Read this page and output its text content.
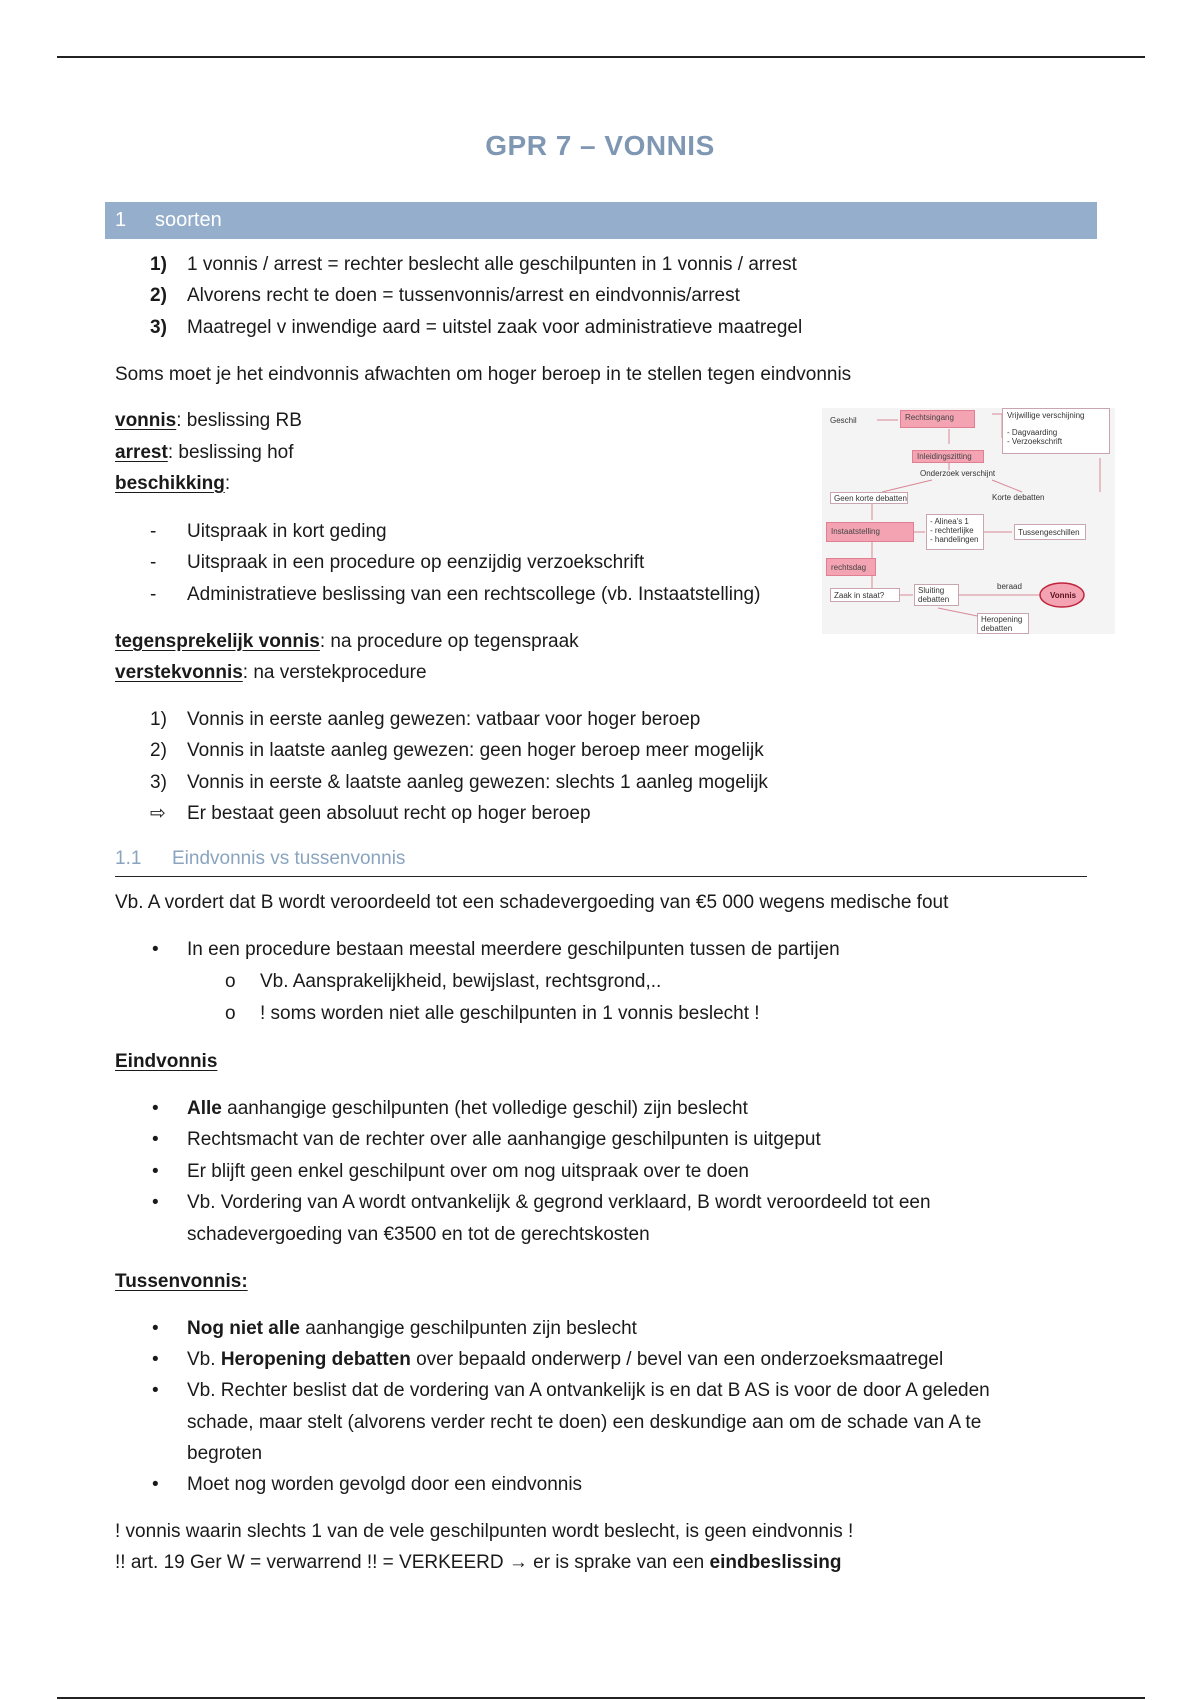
GPR 7 – VONNIS
1	soorten
1) 1 vonnis / arrest = rechter beslecht alle geschilpunten in 1 vonnis / arrest
2) Alvorens recht te doen = tussenvonnis/arrest en eindvonnis/arrest
3) Maatregel v inwendige aard = uitstel zaak voor administratieve maatregel
Soms moet je het eindvonnis afwachten om hoger beroep in te stellen tegen eindvonnis
vonnis: beslissing RB
arrest: beslissing hof
beschikking:
- Uitspraak in kort geding
- Uitspraak in een procedure op eenzijdig verzoekschrift
- Administratieve beslissing van een rechtscollege (vb. Instaatstelling)
tegensprekelijk vonnis: na procedure op tegenspraak
verstekvonnis: na verstekprocedure
1) Vonnis in eerste aanleg gewezen: vatbaar voor hoger beroep
2) Vonnis in laatste aanleg gewezen: geen hoger beroep meer mogelijk
3) Vonnis in eerste & laatste aanleg gewezen: slechts 1 aanleg mogelijk
⇨ Er bestaat geen absoluut recht op hoger beroep
Geschil	Rechtsingang	Vrijwillige verschijning
- Dagvaarding
- Verzoekschrift
Inleidingszitting
Onderzoek verschijnt
Geen korte debatten	Korte debatten
Instaatstelling
- Alinea's 1
- rechterlijke
- handelingen
Tussengeschillen
rechtsdag
Zaak in staat?
Sluiting
debatten
beraad
Vonnis
Heropening
debatten
1.1 Eindvonnis vs tussenvonnis
Vb. A vordert dat B wordt veroordeeld tot een schadevergoeding van €5 000 wegens medische fout
• In een procedure bestaan meestal meerdere geschilpunten tussen de partijen
o Vb. Aansprakelijkheid, bewijslast, rechtsgrond,..
o ! soms worden niet alle geschilpunten in 1 vonnis beslecht !
Eindvonnis
• Alle aanhangige geschilpunten (het volledige geschil) zijn beslecht
• Rechtsmacht van de rechter over alle aanhangige geschilpunten is uitgeput
• Er blijft geen enkel geschilpunt over om nog uitspraak over te doen
• Vb. Vordering van A wordt ontvankelijk & gegrond verklaard, B wordt veroordeeld tot een
schadevergoeding van €3500 en tot de gerechtskosten
Tussenvonnis:
• Nog niet alle aanhangige geschilpunten zijn beslecht
• Vb. Heropening debatten over bepaald onderwerp / bevel van een onderzoeksmaatregel
• Vb. Rechter beslist dat de vordering van A ontvankelijk is en dat B AS is voor de door A geleden
schade, maar stelt (alvorens verder recht te doen) een deskundige aan om de schade van A te
begroten
• Moet nog worden gevolgd door een eindvonnis
! vonnis waarin slechts 1 van de vele geschilpunten wordt beslecht, is geen eindvonnis !
!! art. 19 Ger W = verwarrend !! = VERKEERD → er is sprake van een eindbeslissing
